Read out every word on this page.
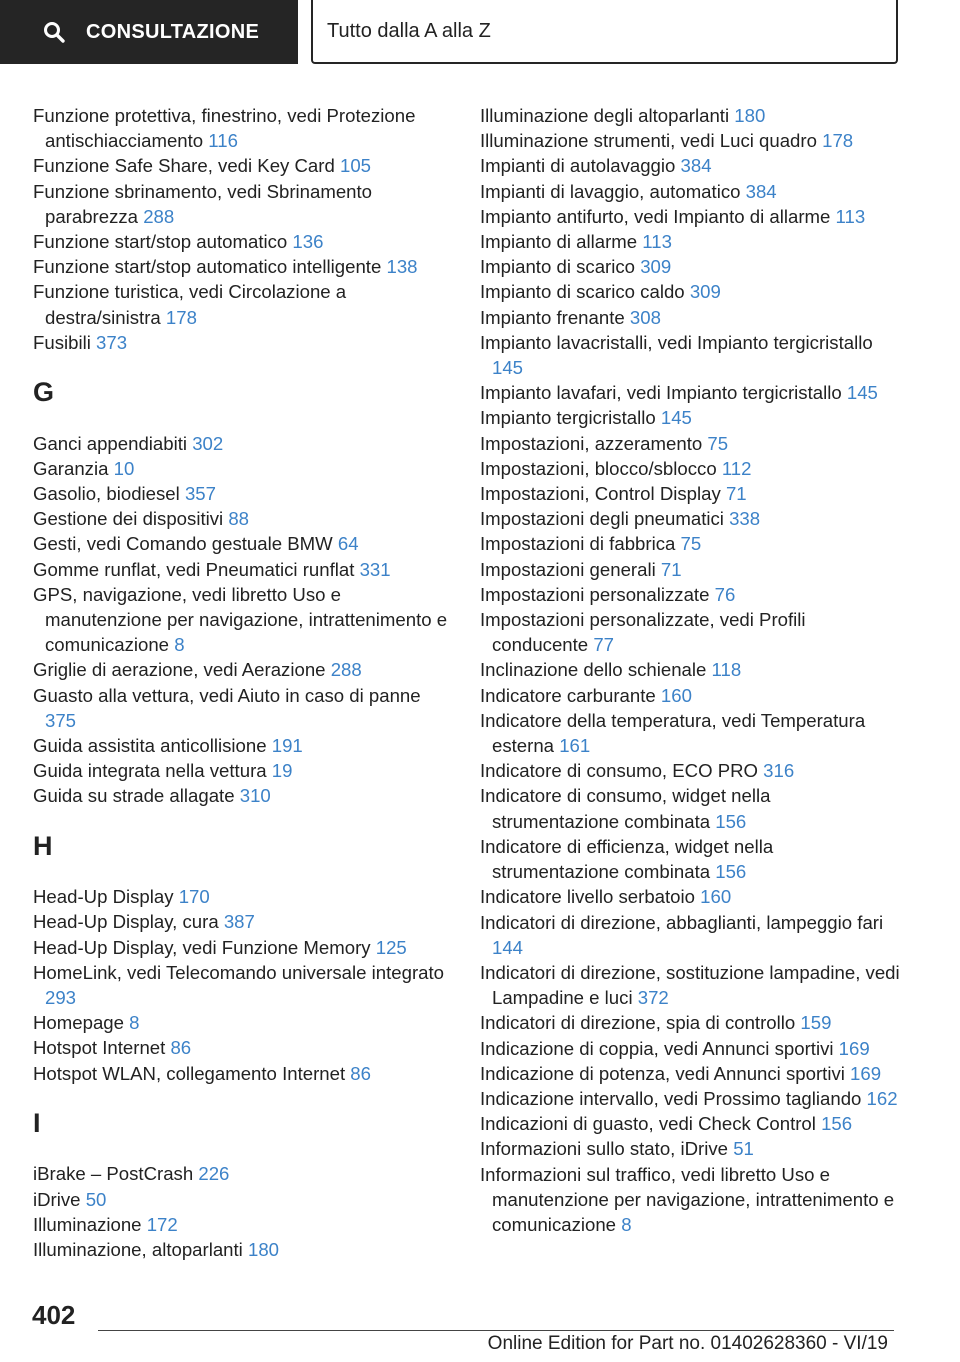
CONSULTAZIONE	Tutto dalla A alla Z
Funzione protettiva, finestrino, vedi Protezione antischiacciamento 116
Funzione Safe Share, vedi Key Card 105
Funzione sbrinamento, vedi Sbrinamento parabrezza 288
Funzione start/stop automatico 136
Funzione start/stop automatico intelligente 138
Funzione turistica, vedi Circolazione a destra/sinistra 178
Fusibili 373
G
Ganci appendiabiti 302
Garanzia 10
Gasolio, biodiesel 357
Gestione dei dispositivi 88
Gesti, vedi Comando gestuale BMW 64
Gomme runflat, vedi Pneumatici runflat 331
GPS, navigazione, vedi libretto Uso e manutenzione per navigazione, intrattenimento e comunicazione 8
Griglie di aerazione, vedi Aerazione 288
Guasto alla vettura, vedi Aiuto in caso di panne 375
Guida assistita anticollisione 191
Guida integrata nella vettura 19
Guida su strade allagate 310
H
Head-Up Display 170
Head-Up Display, cura 387
Head-Up Display, vedi Funzione Memory 125
HomeLink, vedi Telecomando universale integrato 293
Homepage 8
Hotspot Internet 86
Hotspot WLAN, collegamento Internet 86
I
iBrake – PostCrash 226
iDrive 50
Illuminazione 172
Illuminazione, altoparlanti 180
Illuminazione degli altoparlanti 180
Illuminazione strumenti, vedi Luci quadro 178
Impianti di autolavaggio 384
Impianti di lavaggio, automatico 384
Impianto antifurto, vedi Impianto di allarme 113
Impianto di allarme 113
Impianto di scarico 309
Impianto di scarico caldo 309
Impianto frenante 308
Impianto lavacristalli, vedi Impianto tergicristallo 145
Impianto lavafari, vedi Impianto tergicristallo 145
Impianto tergicristallo 145
Impostazioni, azzeramento 75
Impostazioni, blocco/sblocco 112
Impostazioni, Control Display 71
Impostazioni degli pneumatici 338
Impostazioni di fabbrica 75
Impostazioni generali 71
Impostazioni personalizzate 76
Impostazioni personalizzate, vedi Profili conducente 77
Inclinazione dello schienale 118
Indicatore carburante 160
Indicatore della temperatura, vedi Temperatura esterna 161
Indicatore di consumo, ECO PRO 316
Indicatore di consumo, widget nella strumentazione combinata 156
Indicatore di efficienza, widget nella strumentazione combinata 156
Indicatore livello serbatoio 160
Indicatori di direzione, abbaglianti, lampeggio fari 144
Indicatori di direzione, sostituzione lampadine, vedi Lampadine e luci 372
Indicatori di direzione, spia di controllo 159
Indicazione di coppia, vedi Annunci sportivi 169
Indicazione di potenza, vedi Annunci sportivi 169
Indicazione intervallo, vedi Prossimo tagliando 162
Indicazioni di guasto, vedi Check Control 156
Informazioni sullo stato, iDrive 51
Informazioni sul traffico, vedi libretto Uso e manutenzione per navigazione, intrattenimento e comunicazione 8
402
Online Edition for Part no. 01402628360 - VI/19
